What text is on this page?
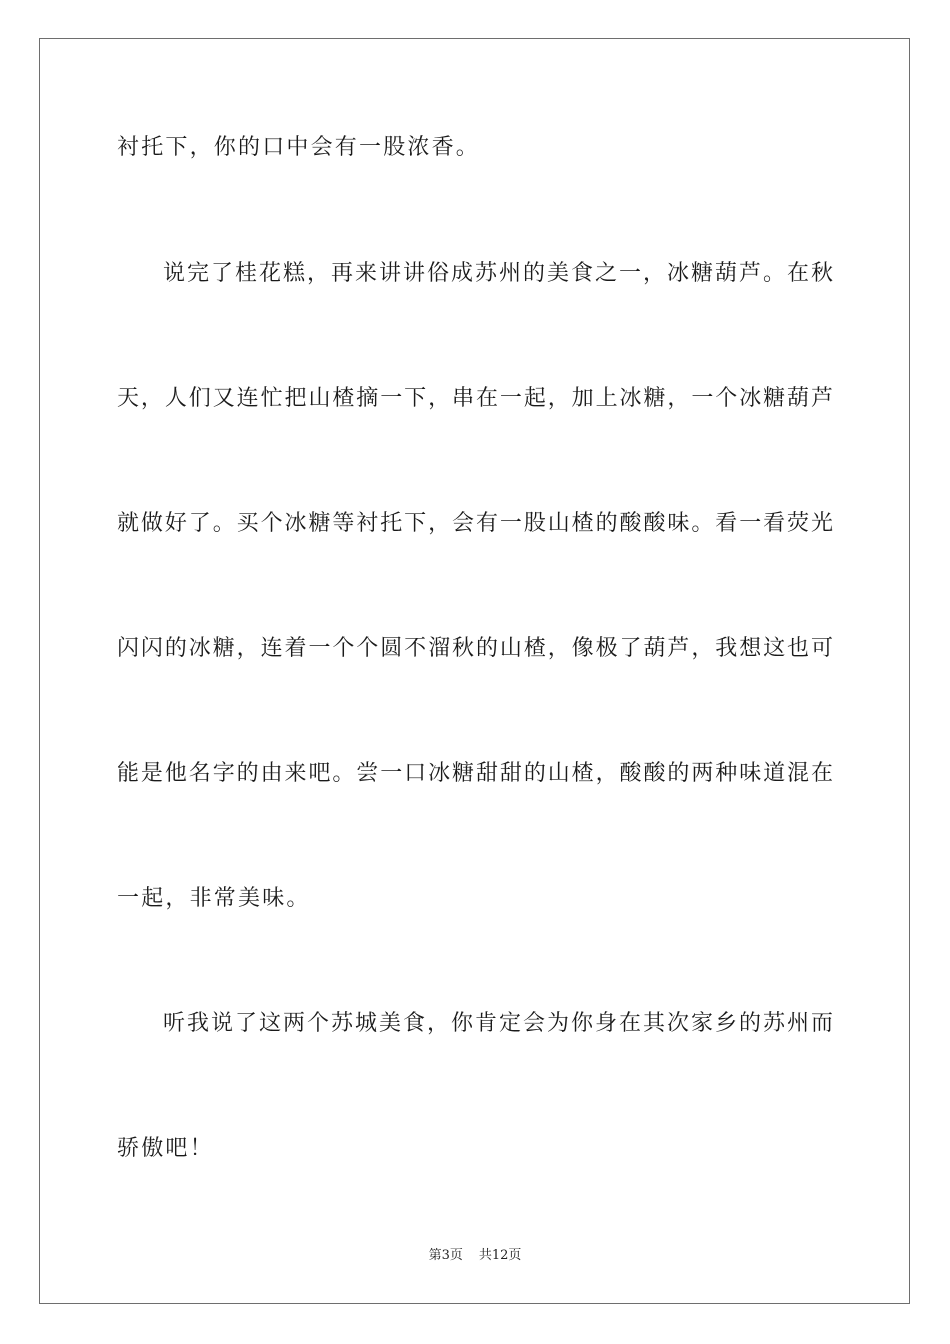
衬托下，你的口中会有一股浓香。
说完了桂花糕，再来讲讲俗成苏州的美食之一，冰糖葫芦。在秋
天，人们又连忙把山楂摘一下，串在一起，加上冰糖，一个冰糖葫芦
就做好了。买个冰糖等衬托下，会有一股山楂的酸酸味。看一看荧光
闪闪的冰糖，连着一个个圆不溜秋的山楂，像极了葫芦，我想这也可
能是他名字的由来吧。尝一口冰糖甜甜的山楂，酸酸的两种味道混在
一起，非常美味。
听我说了这两个苏城美食，你肯定会为你身在其次家乡的苏州而
骄傲吧！
第3页 共12页
